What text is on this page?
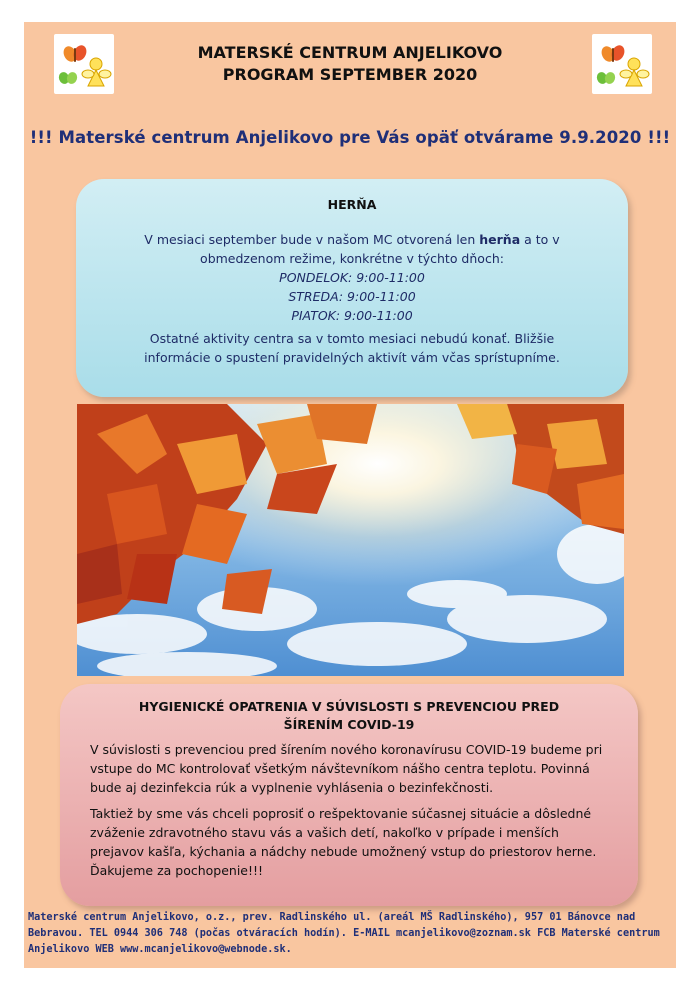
MATERSKÉ CENTRUM ANJELIKOVO
PROGRAM SEPTEMBER 2020
!!! Materské centrum Anjelikovo pre Vás opäť otvárame 9.9.2020 !!!
HERŇA
V mesiaci september bude v našom MC otvorená len herňa a to v obmedzenom režime, konkrétne v týchto dňoch:
PONDELOK: 9:00-11:00
STREDA: 9:00-11:00
PIATOK: 9:00-11:00
Ostatné aktivity centra sa v tomto mesiaci nebudú konať. Bližšie informácie o spustení pravidelných aktivít vám včas sprístupníme.
HYGIENICKÉ OPATRENIA V SÚVISLOSTI S PREVENCIOU PRED ŠÍRENÍM COVID-19
V súvislosti s prevenciou pred šírením nového koronavírusu COVID-19 budeme pri vstupe do MC kontrolovať všetkým návštevníkom nášho centra teplotu. Povinná bude aj dezinfekcia rúk a vyplnenie vyhlásenia o bezinfekčnosti.
Taktiež by sme vás chceli poprosiť o rešpektovanie súčasnej situácie a dôsledné zváženie zdravotného stavu vás a vašich detí, nakoľko v prípade i menších prejavov kašľa, kýchania a nádchy nebude umožnený vstup do priestorov herne. Ďakujeme za pochopenie!!!
Materské centrum Anjelikovo, o.z., prev. Radlinského ul. (areál MŠ Radlinského), 957 01 Bánovce nad Bebravou. TEL 0944 306 748 (počas otváracích hodín). E-MAIL mcanjelikovo@zoznam.sk FCB Materské centrum Anjelikovo WEB www.mcanjelikovo@webnode.sk.
